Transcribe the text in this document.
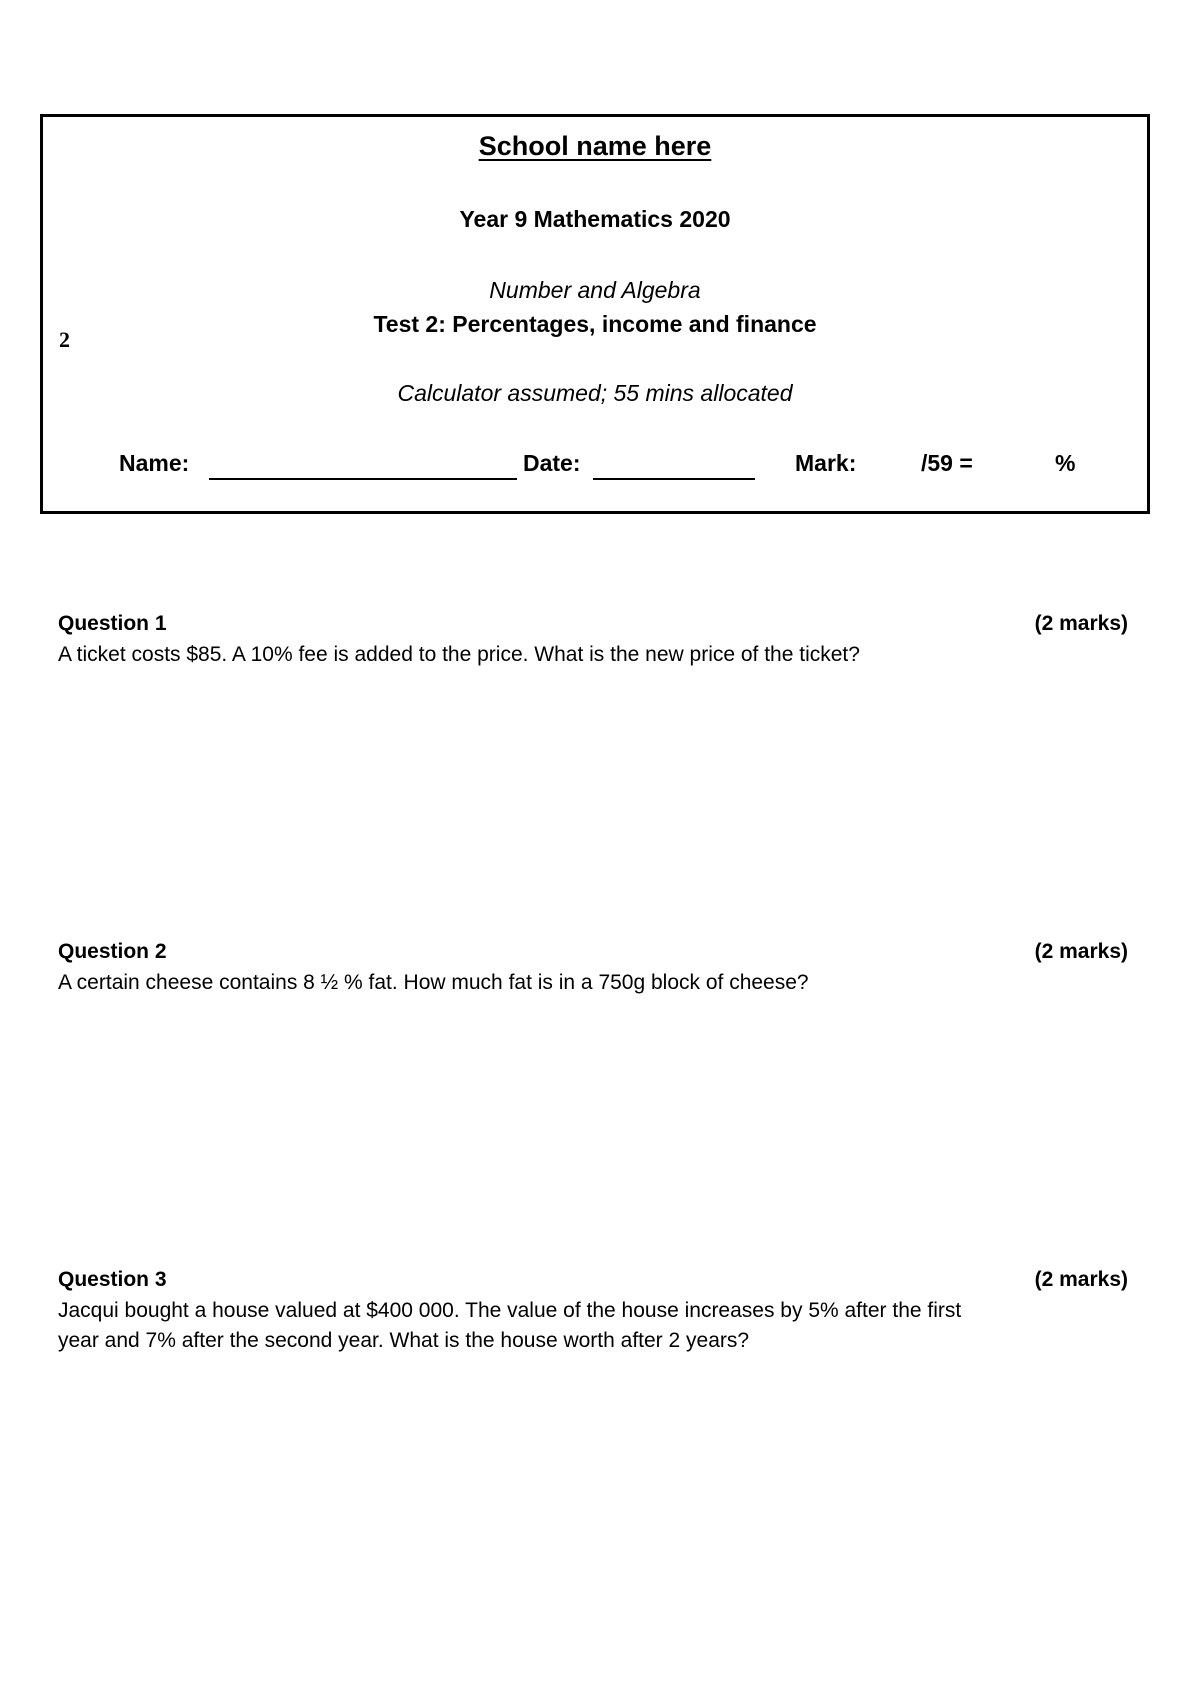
School name here
Year 9 Mathematics 2020
Number and Algebra
Test 2: Percentages, income and finance
Calculator assumed; 55 mins allocated
2
Name:	Date:	Mark:	/59 =	%
Question 1	(2 marks)
A ticket costs $85. A 10% fee is added to the price. What is the new price of the ticket?
Question 2	(2 marks)
A certain cheese contains 8 ½ % fat. How much fat is in a 750g block of cheese?
Question 3	(2 marks)
Jacqui bought a house valued at $400 000. The value of the house increases by 5% after the first year and 7% after the second year. What is the house worth after 2 years?
